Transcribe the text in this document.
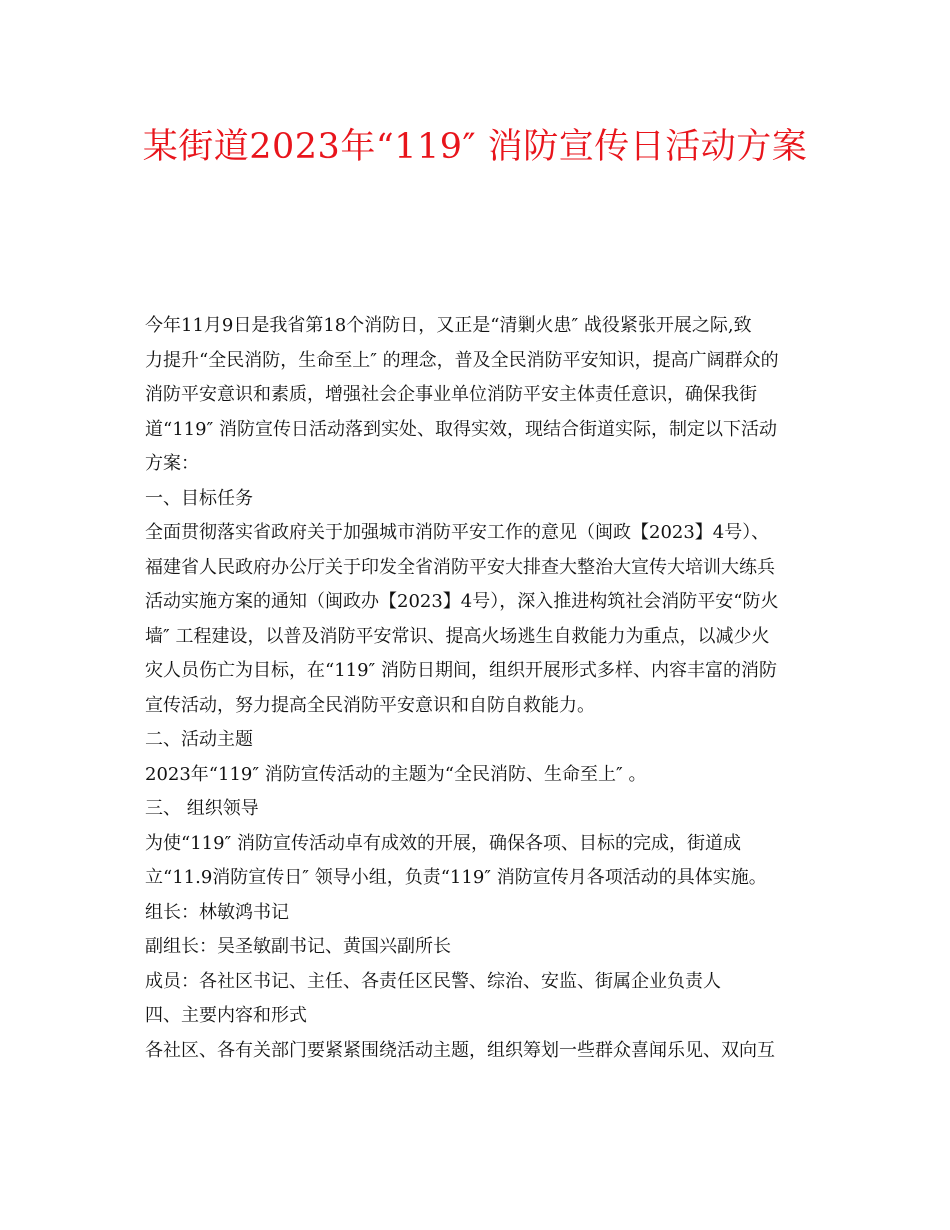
某街道2023年“119″ 消防宣传日活动方案
今年11月9日是我省第18个消防日，又正是“清剿火患″ 战役紧张开展之际,致
力提升“全民消防，生命至上″ 的理念，普及全民消防平安知识，提高广阔群众的
消防平安意识和素质，增强社会企事业单位消防平安主体责任意识，确保我街
道“119″ 消防宣传日活动落到实处、取得实效，现结合街道实际，制定以下活动
方案：
一、目标任务
全面贯彻落实省政府关于加强城市消防平安工作的意见（闽政【2023】4号）、
福建省人民政府办公厅关于印发全省消防平安大排查大整治大宣传大培训大练兵
活动实施方案的通知（闽政办【2023】4号），深入推进构筑社会消防平安“防火
墙″ 工程建设，以普及消防平安常识、提高火场逃生自救能力为重点，以减少火
灾人员伤亡为目标，在“119″ 消防日期间，组织开展形式多样、内容丰富的消防
宣传活动，努力提高全民消防平安意识和自防自救能力。
二、活动主题
2023年“119″ 消防宣传活动的主题为“全民消防、生命至上″ 。
三、 组织领导
为使“119″ 消防宣传活动卓有成效的开展，确保各项、目标的完成，街道成
立“11.9消防宣传日″ 领导小组，负责“119″ 消防宣传月各项活动的具体实施。
组长：林敏鸿书记
副组长：吴圣敏副书记、黄国兴副所长
成员：各社区书记、主任、各责任区民警、综治、安监、街属企业负责人
四、主要内容和形式
各社区、各有关部门要紧紧围绕活动主题，组织筹划一些群众喜闻乐见、双向互
